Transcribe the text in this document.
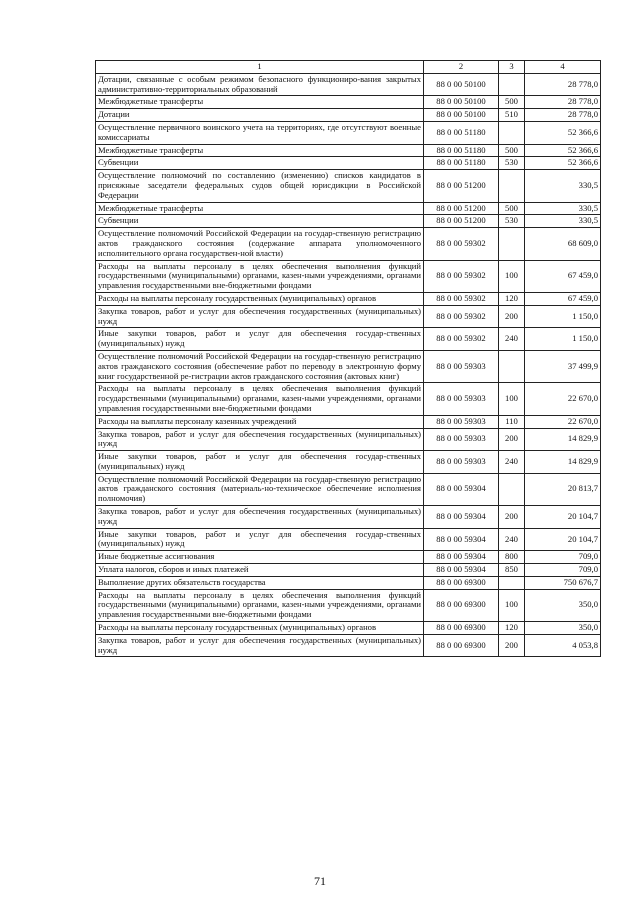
1	2	3	4
Дотации, связанные с особым режимом безопасного функциониро-вания закрытых административно-территориальных образований	88 0 00 50100		28 778,0
Межбюджетные трансферты	88 0 00 50100	500	28 778,0
Дотации	88 0 00 50100	510	28 778,0
Осуществление первичного воинского учета на территориях, где отсутствуют военные комиссариаты	88 0 00 51180		52 366,6
Межбюджетные трансферты	88 0 00 51180	500	52 366,6
Субвенции	88 0 00 51180	530	52 366,6
Осуществление полномочий по составлению (изменению) списков кандидатов в присяжные заседатели федеральных судов общей юрисдикции в Российской Федерации	88 0 00 51200		330,5
Межбюджетные трансферты	88 0 00 51200	500	330,5
Субвенции	88 0 00 51200	530	330,5
Осуществление полномочий Российской Федерации на государ-ственную регистрацию актов гражданского состояния (содержание аппарата уполномоченного исполнительного органа государствен-ной власти)	88 0 00 59302		68 609,0
Расходы на выплаты персоналу в целях обеспечения выполнения функций государственными (муниципальными) органами, казен-ными учреждениями, органами управления государственными вне-бюджетными фондами	88 0 00 59302	100	67 459,0
Расходы на выплаты персоналу государственных (муниципальных) органов	88 0 00 59302	120	67 459,0
Закупка товаров, работ и услуг для обеспечения государственных (муниципальных) нужд	88 0 00 59302	200	1 150,0
Иные закупки товаров, работ и услуг для обеспечения государ-ственных (муниципальных) нужд	88 0 00 59302	240	1 150,0
Осуществление полномочий Российской Федерации на государ-ственную регистрацию актов гражданского состояния (обеспечение работ по переводу в электронную форму книг государственной ре-гистрации актов гражданского состояния (актовых книг)	88 0 00 59303		37 499,9
Расходы на выплаты персоналу в целях обеспечения выполнения функций государственными (муниципальными) органами, казен-ными учреждениями, органами управления государственными вне-бюджетными фондами	88 0 00 59303	100	22 670,0
Расходы на выплаты персоналу казенных учреждений	88 0 00 59303	110	22 670,0
Закупка товаров, работ и услуг для обеспечения государственных (муниципальных) нужд	88 0 00 59303	200	14 829,9
Иные закупки товаров, работ и услуг для обеспечения государ-ственных (муниципальных) нужд	88 0 00 59303	240	14 829,9
Осуществление полномочий Российской Федерации на государ-ственную регистрацию актов гражданского состояния (материаль-но-техническое обеспечение исполнения полномочия)	88 0 00 59304		20 813,7
Закупка товаров, работ и услуг для обеспечения государственных (муниципальных) нужд	88 0 00 59304	200	20 104,7
Иные закупки товаров, работ и услуг для обеспечения государ-ственных (муниципальных) нужд	88 0 00 59304	240	20 104,7
Иные бюджетные ассигнования	88 0 00 59304	800	709,0
Уплата налогов, сборов и иных платежей	88 0 00 59304	850	709,0
Выполнение других обязательств государства	88 0 00 69300		750 676,7
Расходы на выплаты персоналу в целях обеспечения выполнения функций государственными (муниципальными) органами, казен-ными учреждениями, органами управления государственными вне-бюджетными фондами	88 0 00 69300	100	350,0
Расходы на выплаты персоналу государственных (муниципальных) органов	88 0 00 69300	120	350,0
Закупка товаров, работ и услуг для обеспечения государственных (муниципальных) нужд	88 0 00 69300	200	4 053,8
71
